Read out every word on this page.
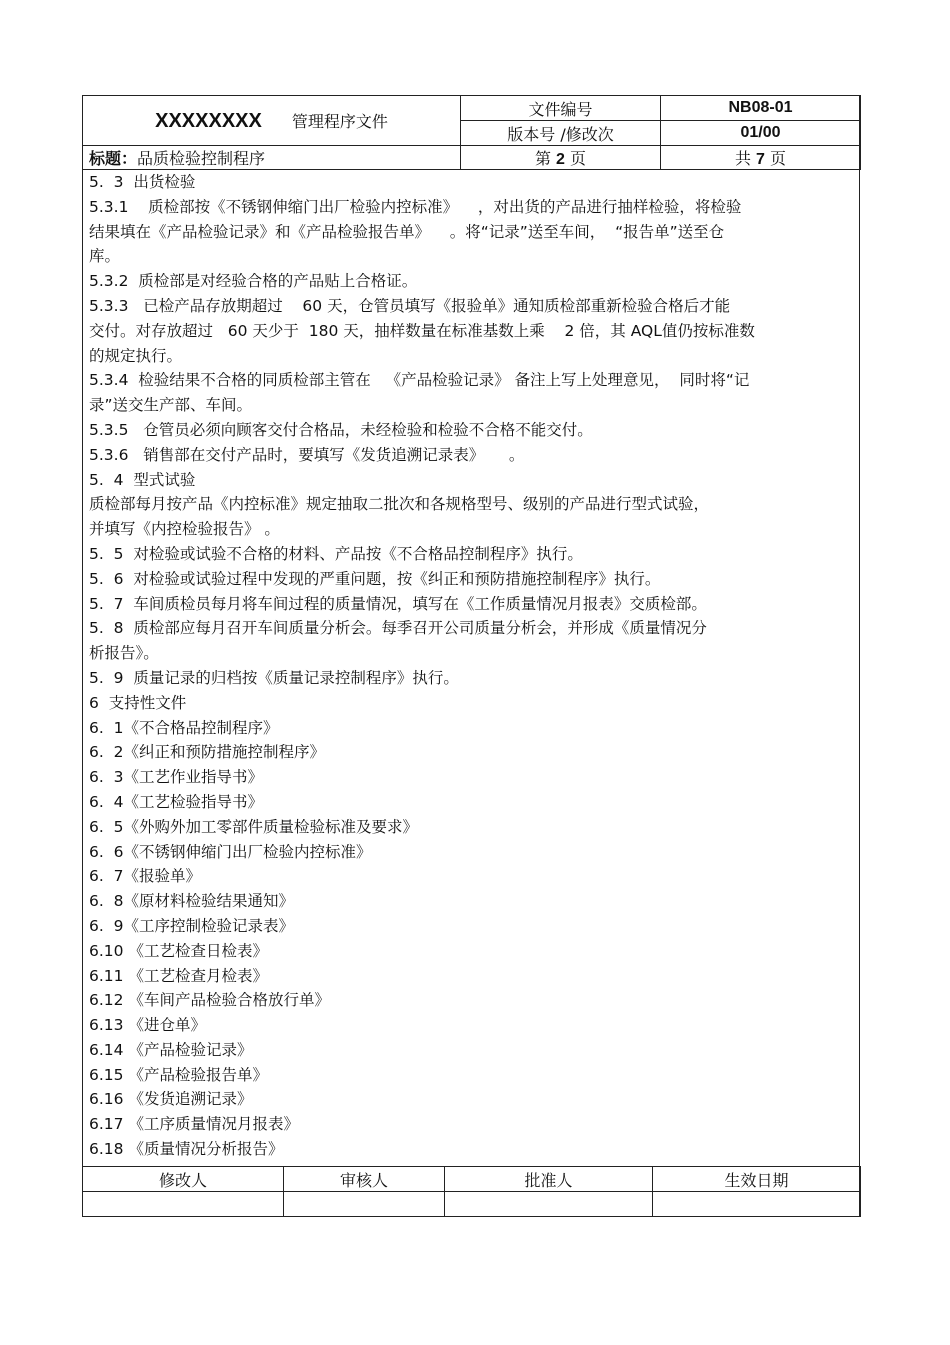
XXXXXXXX 管理程序文件	文件编号	NB08-01
	版本号 /修改次	01/00
标题：品质检验控制程序	第 2 页	共 7 页
5.  3  出货检验
5.3.1    质检部按《不锈钢伸缩门出厂检验内控标准》    ，对出货的产品进行抽样检验，将检验
结果填在《产品检验记录》和《产品检验报告单》    。将“记录”送至车间，  “报告单”送至仓
库。
5.3.2  质检部是对经验合格的产品贴上合格证。
5.3.3   已检产品存放期超过    60 天，仓管员填写《报验单》通知质检部重新检验合格后才能
交付。对存放超过   60 天少于  180 天，抽样数量在标准基数上乘    2 倍，其 AQL值仍按标准数
的规定执行。
5.3.4  检验结果不合格的同质检部主管在   《产品检验记录》 备注上写上处理意见，  同时将“记
录”送交生产部、车间。
5.3.5   仓管员必须向顾客交付合格品，未经检验和检验不合格不能交付。
5.3.6   销售部在交付产品时，要填写《发货追溯记录表》     。
5.  4  型式试验
质检部每月按产品《内控标准》规定抽取二批次和各规格型号、级别的产品进行型式试验，
并填写《内控检验报告》 。
5.  5  对检验或试验不合格的材料、产品按《不合格品控制程序》执行。
5.  6  对检验或试验过程中发现的严重问题，按《纠正和预防措施控制程序》执行。
5.  7  车间质检员每月将车间过程的质量情况，填写在《工作质量情况月报表》交质检部。
5.  8  质检部应每月召开车间质量分析会。每季召开公司质量分析会，并形成《质量情况分
析报告》。
5.  9  质量记录的归档按《质量记录控制程序》执行。
6  支持性文件
6.  1《不合格品控制程序》
6.  2《纠正和预防措施控制程序》
6.  3《工艺作业指导书》
6.  4《工艺检验指导书》
6.  5《外购外加工零部件质量检验标准及要求》
6.  6《不锈钢伸缩门出厂检验内控标准》
6.  7《报验单》
6.  8《原材料检验结果通知》
6.  9《工序控制检验记录表》
6.10 《工艺检查日检表》
6.11 《工艺检查月检表》
6.12 《车间产品检验合格放行单》
6.13 《进仓单》
6.14 《产品检验记录》
6.15 《产品检验报告单》
6.16 《发货追溯记录》
6.17 《工序质量情况月报表》
6.18 《质量情况分析报告》
修改人	审核人	批准人	生效日期
